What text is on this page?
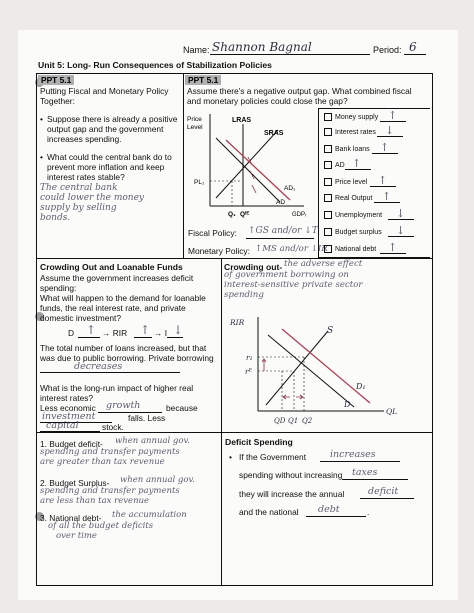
Name: Shannon Bagnal	Period: 6
Unit 5: Long- Run Consequences of Stabilization Policies
PPT 5.1
Putting Fiscal and Monetary Policy
Together:
• Suppose there is already a positive
output gap and the government
increases spending.
• What could the central bank do to
prevent more inflation and keep
interest rates stable?
The central bank
could lower the money
supply by selling
bonds.
PPT 5.1
Assume there's a negative output gap. What combined fiscal
and monetary policies could close the gap?
Price
Level
LRAS
SRAS
PL₁
AD₁
AD
Q₁ Qᶠᴱ	GDPᵣ
Fiscal Policy: ↑GS and/or ↓T
Monetary Policy: ↑MS and/or ↓IR
Money supply ↑
Interest rates ↓
Bank loans ↑
AD ↑
Price level ↑
Real Output ↑
Unemployment ↓
Budget surplus ↓
National debt ↑
Crowding Out and Loanable Funds
Assume the government increases deficit
spending:
What will happen to the demand for loanable
funds, the real interest rate, and private
domestic investment?
D ↑ → RIR ↑ → I ↓
The total number of loans increased, but that
was due to public borrowing. Private borrowing
decreases
What is the long-run impact of higher real
interest rates?
Less economic growth	because
investment	falls. Less
capital	stock.
Crowding out- the adverse effect
of government borrowing on
interest-sensitive private sector
spending
RIR
S
r₁
rᴱ
D₁
D
QD Q1 Q2
QL
1. Budget deficit- when annual gov.
spending and transfer payments
are greater than tax revenue
2. Budget Surplus- when annual gov.
spending and transfer payments
are less than tax revenue
3. National debt- the accumulation
of all the budget deficits
over time
Deficit Spending
• If the Government	increases
spending without increasing taxes
they will increase the annual	deficit
and the national debt	.
